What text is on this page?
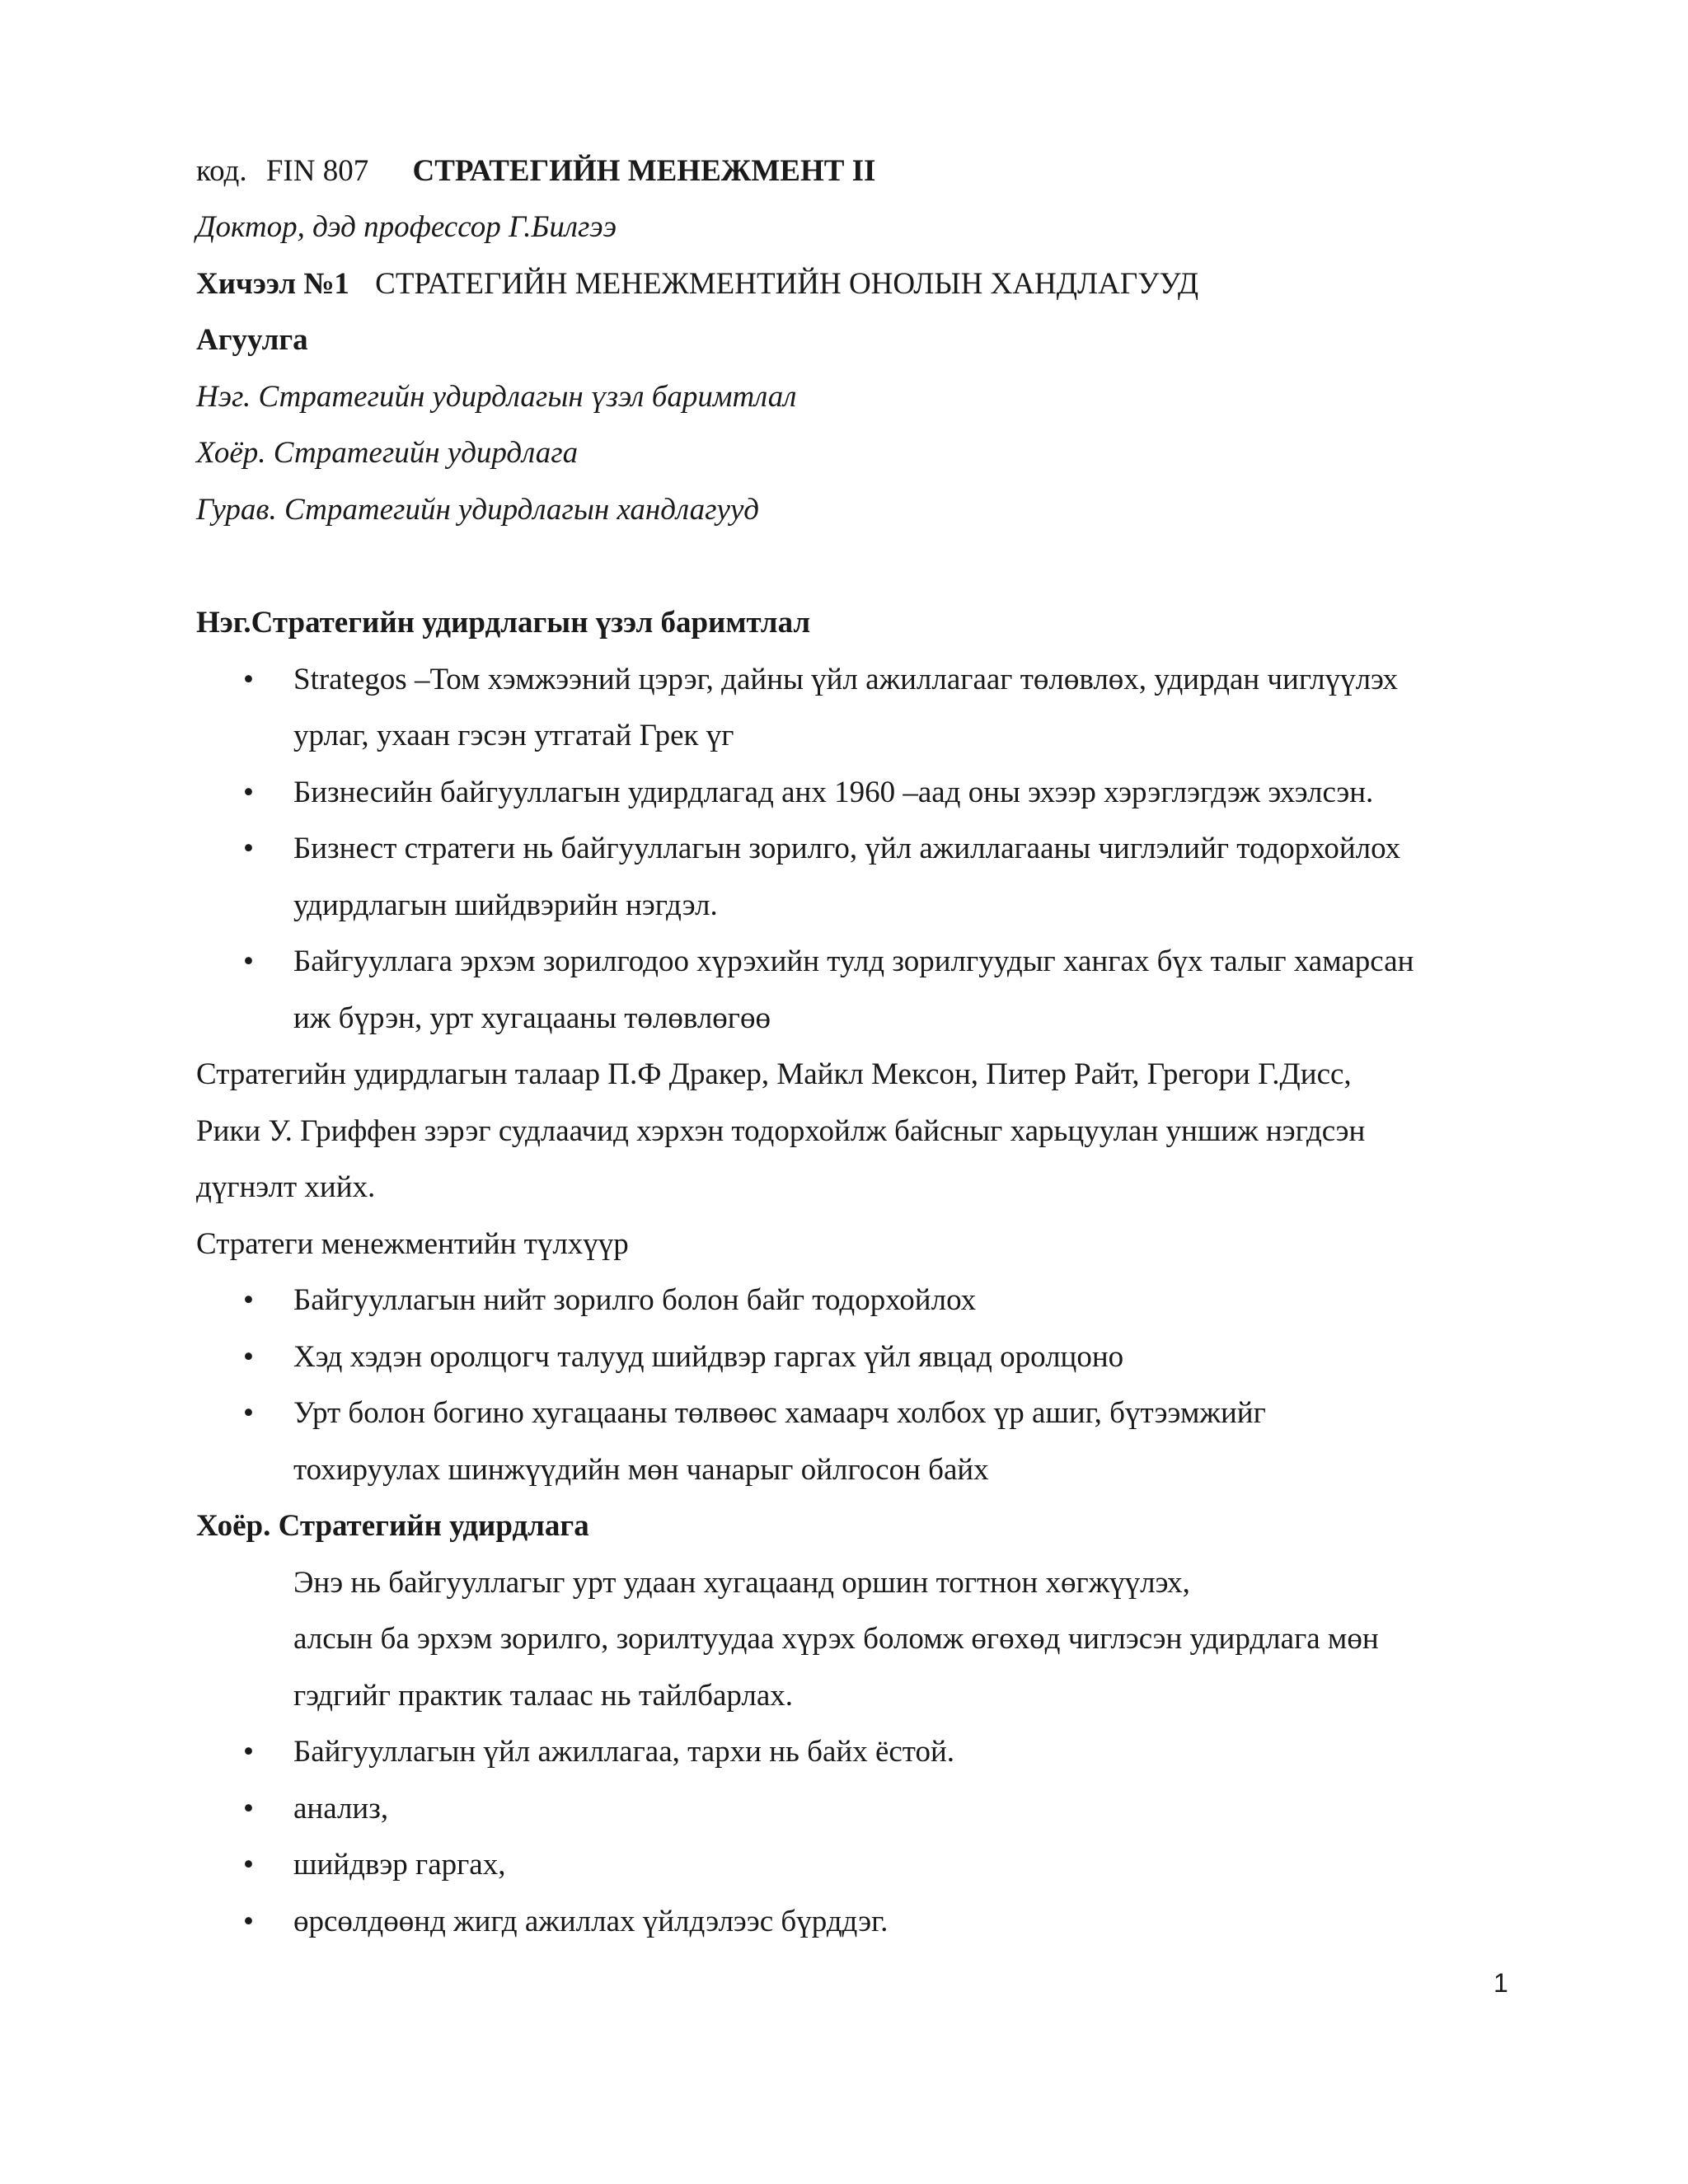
код. FIN 807 СТРАТЕГИЙН МЕНЕЖМЕНТ II
Доктор, дэд профессор Г.Билгээ
Хичээл №1 СТРАТЕГИЙН МЕНЕЖМЕНТИЙН ОНОЛЫН ХАНДЛАГУУД
Агуулга
Нэг. Стратегийн удирдлагын үзэл баримтлал
Хоёр. Стратегийн удирдлага
Гурав. Стратегийн удирдлагын хандлагууд
Нэг.Стратегийн удирдлагын үзэл баримтлал
• Strategos –Том хэмжээний цэрэг, дайны үйл ажиллагааг төлөвлөх, удирдан чиглүүлэх
урлаг, ухаан гэсэн утгатай Грек үг
• Бизнесийн байгууллагын удирдлагад анх 1960 –аад оны эхээр хэрэглэгдэж эхэлсэн.
• Бизнест стратеги нь байгууллагын зорилго, үйл ажиллагааны чиглэлийг тодорхойлох
удирдлагын шийдвэрийн нэгдэл.
• Байгууллага эрхэм зорилгодоо хүрэхийн тулд зорилгуудыг хангах бүх талыг хамарсан
иж бүрэн, урт хугацааны төлөвлөгөө
Стратегийн удирдлагын талаар П.Ф Дракер, Майкл Мексон, Питер Райт, Грегори Г.Дисс,
Рики У. Гриффен зэрэг судлаачид хэрхэн тодорхойлж байсныг харьцуулан уншиж нэгдсэн
дүгнэлт хийх.
Стратеги менежментийн түлхүүр
• Байгууллагын нийт зорилго болон байг тодорхойлох
• Хэд хэдэн оролцогч талууд шийдвэр гаргах үйл явцад оролцоно
• Урт болон богино хугацааны төлвөөс хамаарч холбох үр ашиг, бүтээмжийг
тохируулах шинжүүдийн мөн чанарыг ойлгосон байх
Хоёр. Стратегийн удирдлага
Энэ нь байгууллагыг урт удаан хугацаанд оршин тогтнон хөгжүүлэх,
алсын ба эрхэм зорилго, зорилтуудаа хүрэх боломж өгөхөд чиглэсэн удирдлага мөн
гэдгийг практик талаас нь тайлбарлах.
• Байгууллагын үйл ажиллагаа, тархи нь байх ёстой.
• анализ,
• шийдвэр гаргах,
• өрсөлдөөнд жигд ажиллах үйлдэлээс бүрддэг.
1
